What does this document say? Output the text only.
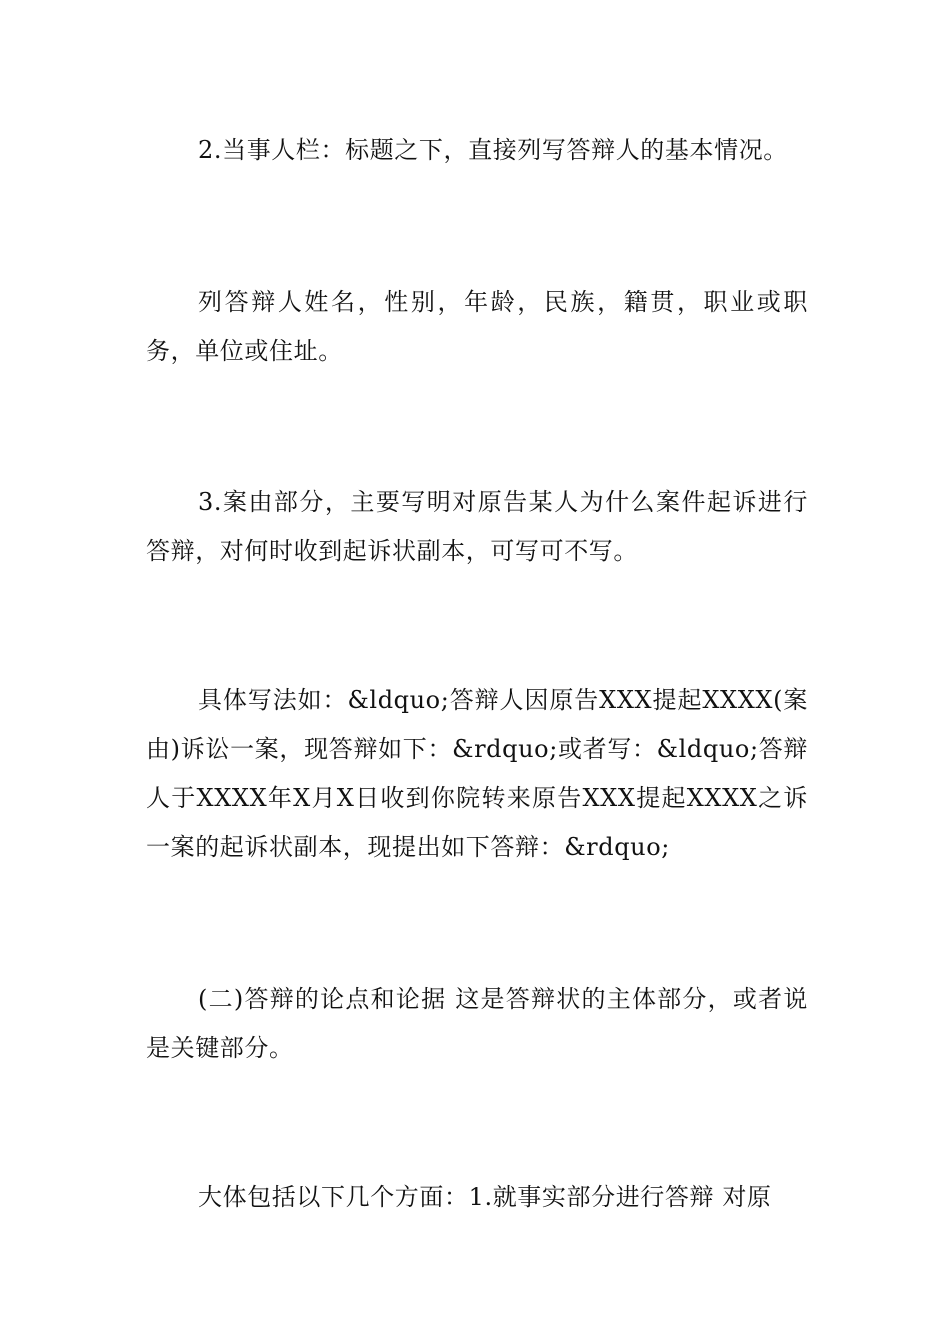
2.当事人栏：标题之下，直接列写答辩人的基本情况。

列答辩人姓名，性别，年龄，民族，籍贯，职业或职务，单位或住址。

3.案由部分，主要写明对原告某人为什么案件起诉进行答辩，对何时收到起诉状副本，可写可不写。

具体写法如：&ldquo;答辩人因原告XXX提起XXXX(案由)诉讼一案，现答辩如下：&rdquo;或者写：&ldquo;答辩人于XXXX年X月X日收到你院转来原告XXX提起XXXX之诉一案的起诉状副本，现提出如下答辩：&rdquo;

(二)答辩的论点和论据 这是答辩状的主体部分，或者说是关键部分。

大体包括以下几个方面：1.就事实部分进行答辩 对原
